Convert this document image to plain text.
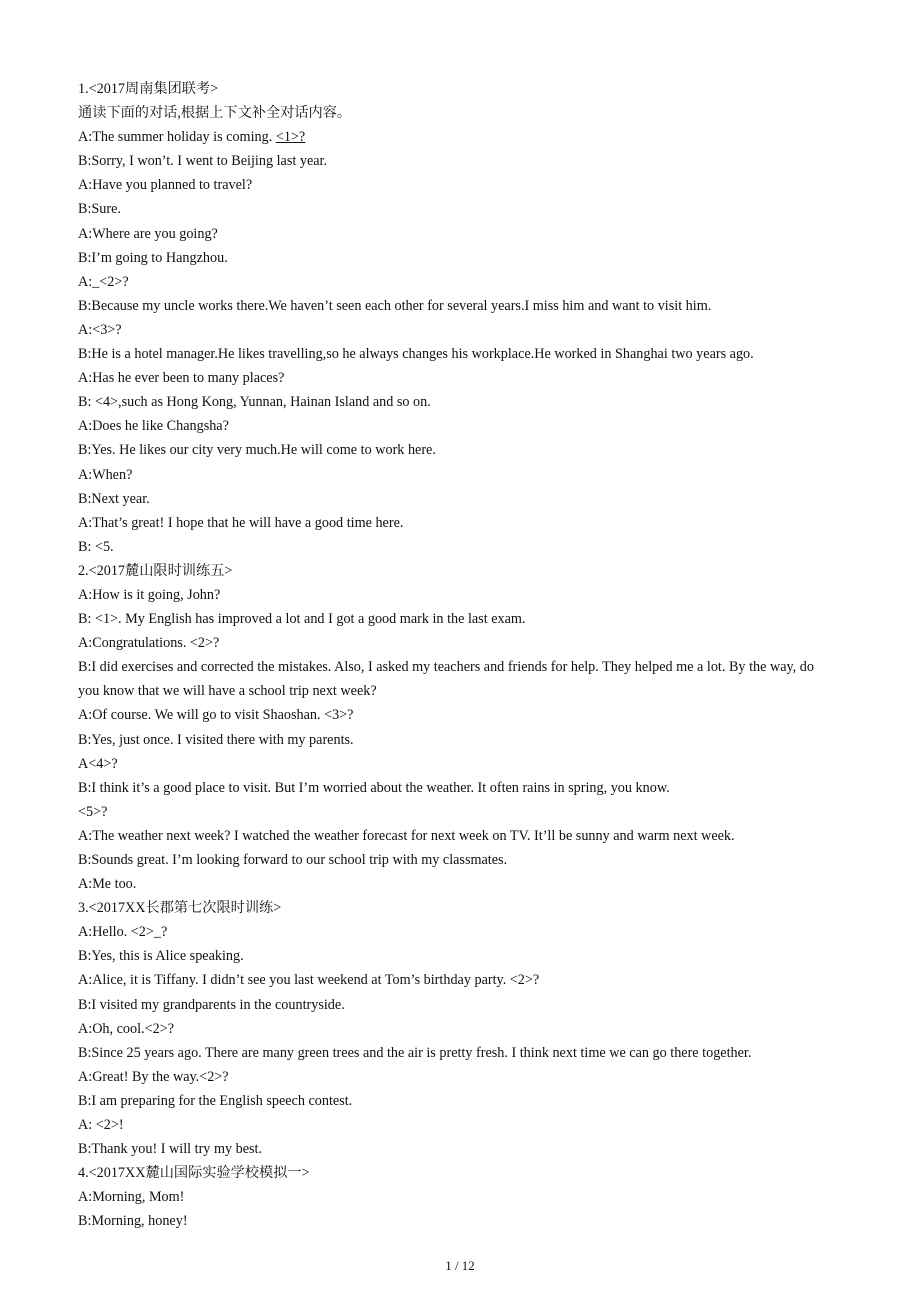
1.<2017周南集团联考>
通读下面的对话,根据上下文补全对话内容。
A:The summer holiday is coming. <1>?
B:Sorry, I won’t. I went to Beijing last year.
A:Have you planned to travel?
B:Sure.
A:Where are you going?
B:I’m going to Hangzhou.
A:_<2>?
B:Because my uncle works there.We haven’t seen each other for several years.I miss him and want to visit him.
A:<3>?
B:He is a hotel manager.He likes travelling,so he always changes his workplace.He worked in Shanghai two years ago.
A:Has he ever been to many places?
B: <4>,such as Hong Kong, Yunnan, Hainan Island and so on.
A:Does he like Changsha?
B:Yes. He likes our city very much.He will come to work here.
A:When?
B:Next year.
A:That’s great! I hope that he will have a good time here.
B: <5.
2.<2017麓山限时训练五>
A:How is it going, John?
B: <1>. My English has improved a lot and I got a good mark in the last exam.
A:Congratulations. <2>?
B:I did exercises and corrected the mistakes. Also, I asked my teachers and friends for help. They helped me a lot. By the way, do you know that we will have a school trip next week?
A:Of course. We will go to visit Shaoshan. <3>?
B:Yes, just once. I visited there with my parents.
A<4>?
B:I think it’s a good place to visit. But I’m worried about the weather. It often rains in spring, you know.
<5>?
A:The weather next week? I watched the weather forecast for next week on TV. It’ll be sunny and warm next week.
B:Sounds great. I’m looking forward to our school trip with my classmates.
A:Me too.
3.<2017XX长郡第七次限时训练>
A:Hello. <2>_?
B:Yes, this is Alice speaking.
A:Alice, it is Tiffany. I didn’t see you last weekend at Tom’s birthday party. <2>?
B:I visited my grandparents in the countryside.
A:Oh, cool.<2>?
B:Since 25 years ago. There are many green trees and the air is pretty fresh. I think next time we can go there together.
A:Great! By the way.<2>?
B:I am preparing for the English speech contest.
A: <2>!
B:Thank you! I will try my best.
4.<2017XX麓山国际实验学校模拟一>
A:Morning, Mom!
B:Morning, honey!
1 / 12
